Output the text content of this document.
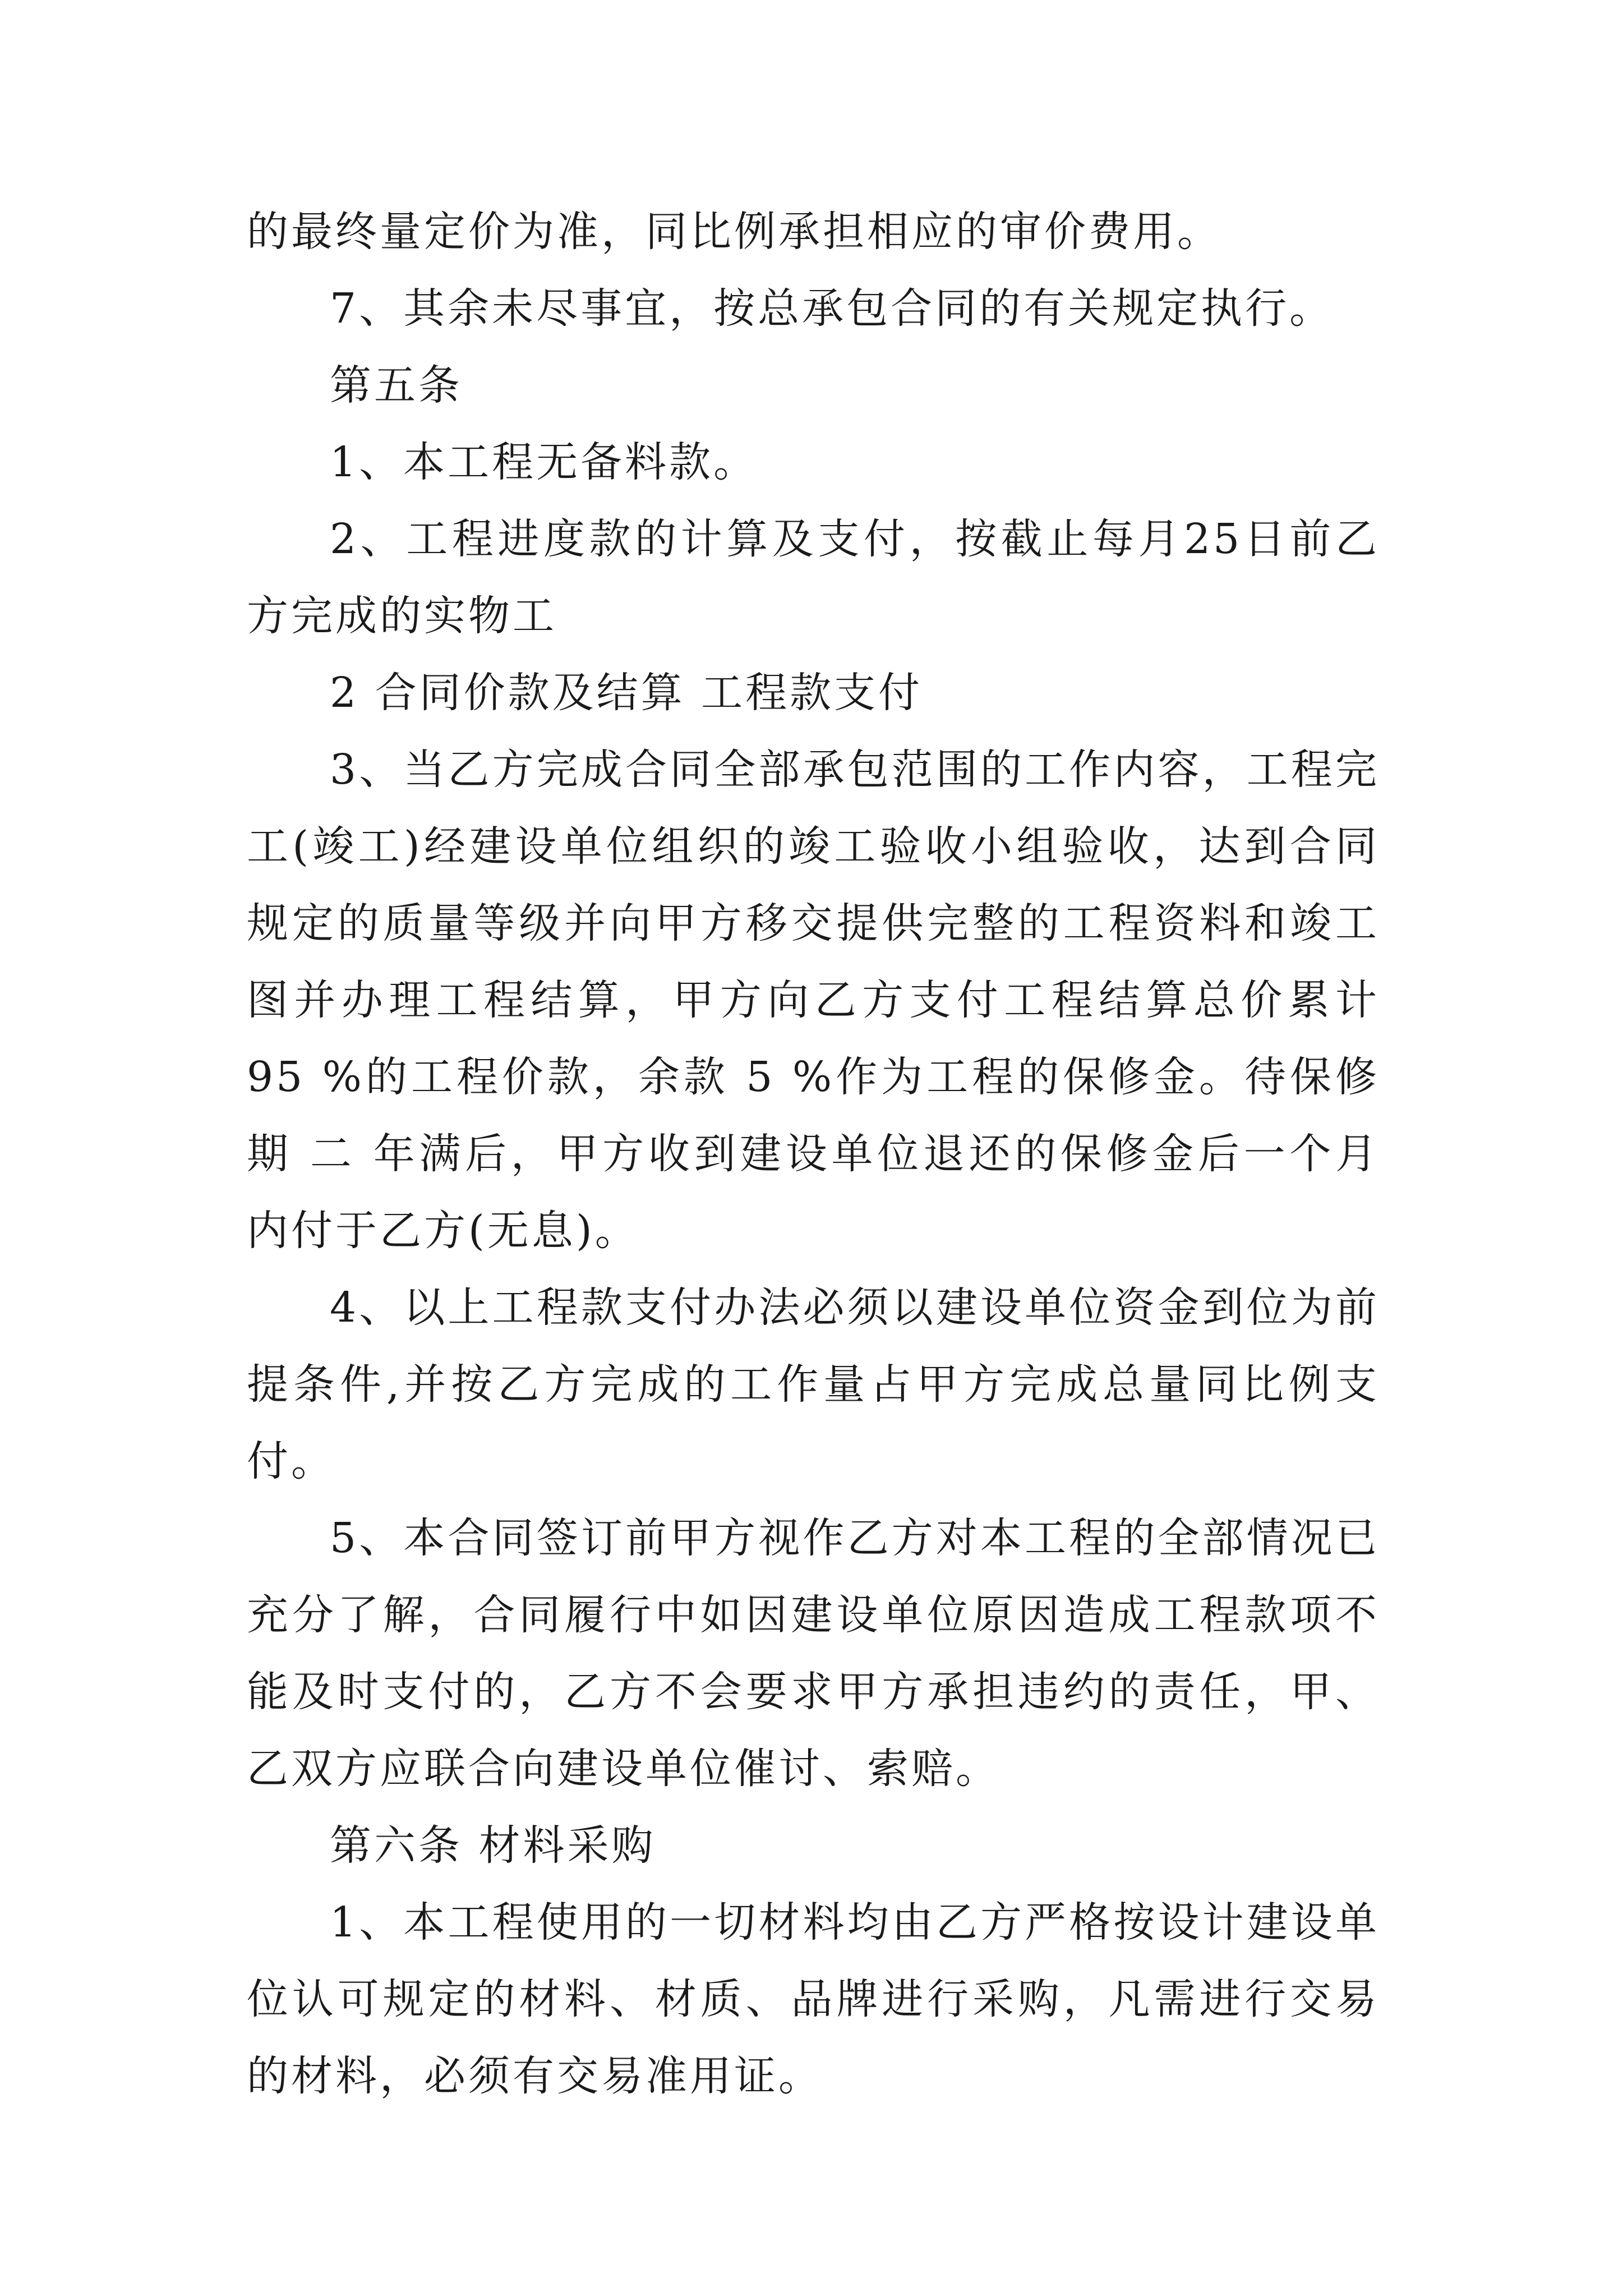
的最终量定价为准，同比例承担相应的审价费用。

7、其余未尽事宜，按总承包合同的有关规定执行。

第五条

1、本工程无备料款。

2、工程进度款的计算及支付，按截止每月25日前乙方完成的实物工

2 合同价款及结算 工程款支付

3、当乙方完成合同全部承包范围的工作内容，工程完工(竣工)经建设单位组织的竣工验收小组验收，达到合同规定的质量等级并向甲方移交提供完整的工程资料和竣工图并办理工程结算，甲方向乙方支付工程结算总价累计 95 %的工程价款，余款 5 %作为工程的保修金。待保修期 二 年满后，甲方收到建设单位退还的保修金后一个月内付于乙方(无息)。

4、以上工程款支付办法必须以建设单位资金到位为前提条件,并按乙方完成的工作量占甲方完成总量同比例支付。

5、本合同签订前甲方视作乙方对本工程的全部情况已充分了解，合同履行中如因建设单位原因造成工程款项不能及时支付的，乙方不会要求甲方承担违约的责任，甲、乙双方应联合向建设单位催讨、索赔。

第六条 材料采购

1、本工程使用的一切材料均由乙方严格按设计建设单位认可规定的材料、材质、品牌进行采购，凡需进行交易的材料，必须有交易准用证。
